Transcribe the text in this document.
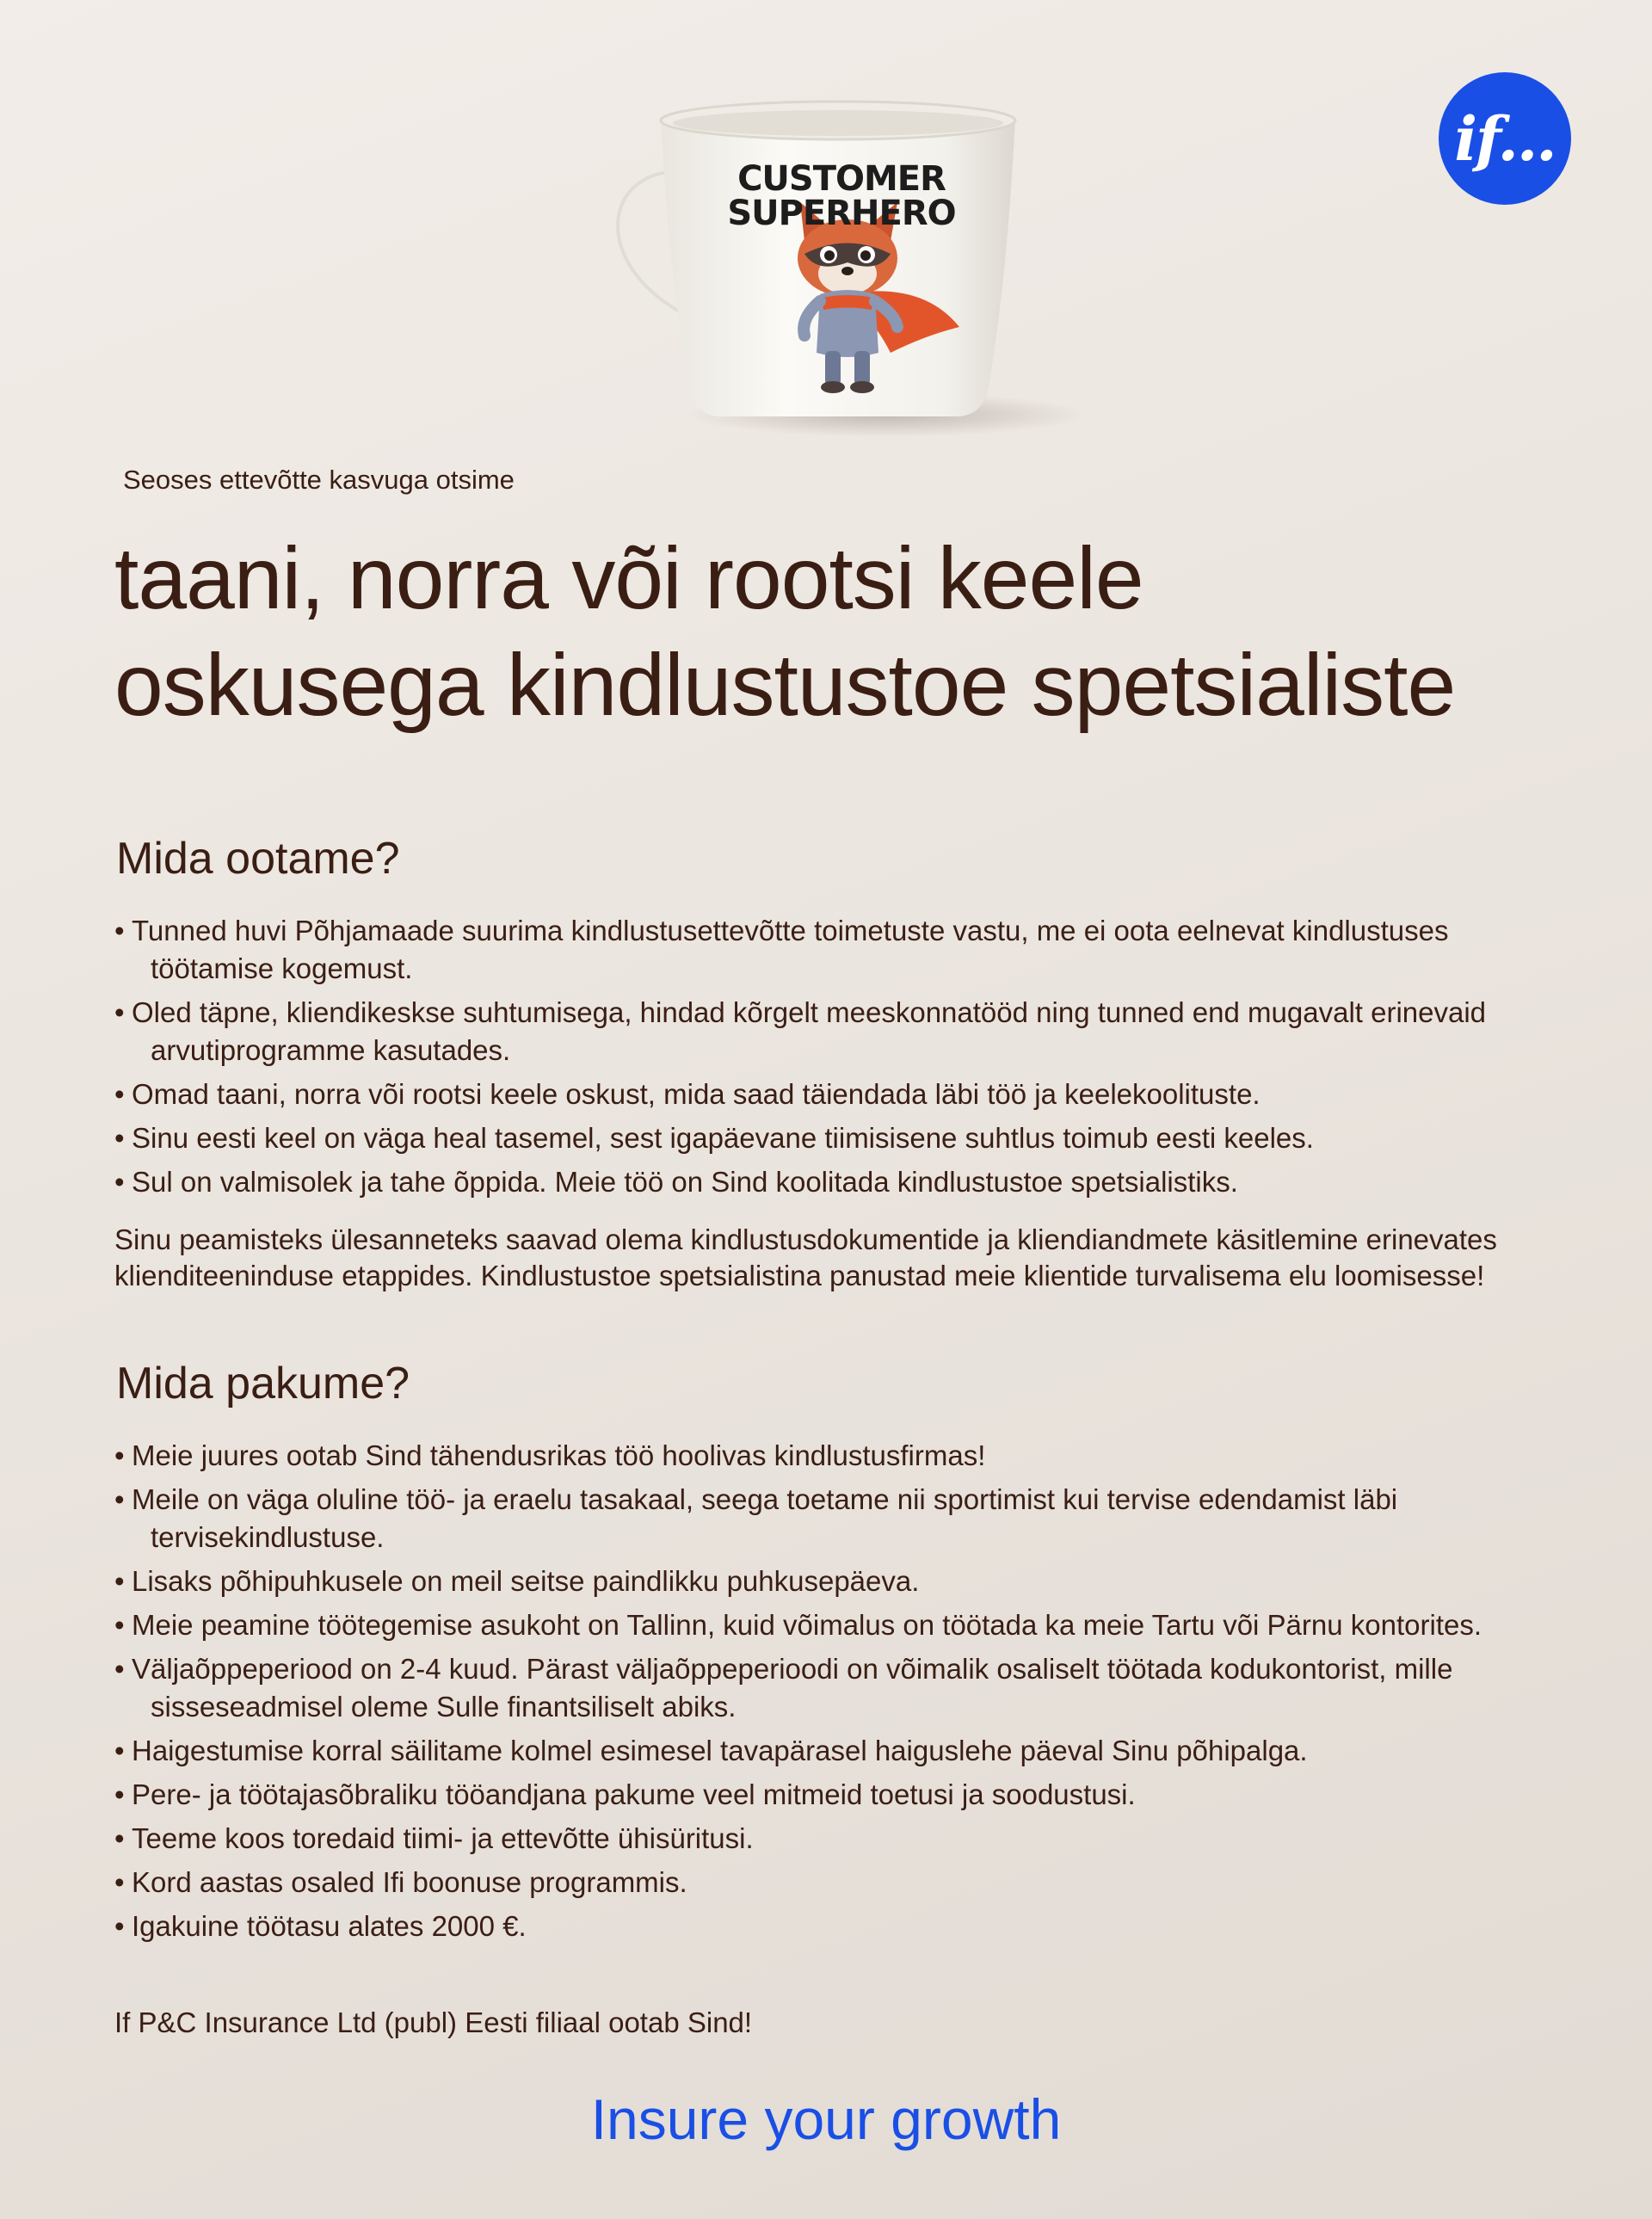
CUSTOMER
SUPERHERO
if...
Seoses ettevõtte kasvuga otsime
taani, norra või rootsi keele
oskusega kindlustustoe spetsialiste
Mida ootame?
• Tunned huvi Põhjamaade suurima kindlustusettevõtte toimetuste vastu, me ei oota eelnevat kindlustuses töötamise kogemust.
• Oled täpne, kliendikeskse suhtumisega, hindad kõrgelt meeskonnatööd ning tunned end mugavalt erinevaid arvutiprogramme kasutades.
• Omad taani, norra või rootsi keele oskust, mida saad täiendada läbi töö ja keelekoolituste.
• Sinu eesti keel on väga heal tasemel, sest igapäevane tiimisisene suhtlus toimub eesti keeles.
• Sul on valmisolek ja tahe õppida. Meie töö on Sind koolitada kindlustustoe spetsialistiks.

Sinu peamisteks ülesanneteks saavad olema kindlustusdokumentide ja kliendiandmete käsitlemine erinevates klienditeeninduse etappides. Kindlustustoe spetsialistina panustad meie klientide turvalisema elu loomisesse!

Mida pakume?
• Meie juures ootab Sind tähendusrikas töö hoolivas kindlustusfirmas!
• Meile on väga oluline töö- ja eraelu tasakaal, seega toetame nii sportimist kui tervise edendamist läbi tervisekindlustuse.
• Lisaks põhipuhkusele on meil seitse paindlikku puhkusepäeva.
• Meie peamine töötegemise asukoht on Tallinn, kuid võimalus on töötada ka meie Tartu või Pärnu kontorites.
• Väljaõppeperiood on 2-4 kuud. Pärast väljaõppeperioodi on võimalik osaliselt töötada kodukontorist, mille sisseseadmisel oleme Sulle finantsiliselt abiks.
• Haigestumise korral säilitame kolmel esimesel tavapärasel haiguslehe päeval Sinu põhipalga.
• Pere- ja töötajasõbraliku tööandjana pakume veel mitmeid toetusi ja soodustusi.
• Teeme koos toredaid tiimi- ja ettevõtte ühisüritusi.
• Kord aastas osaled Ifi boonuse programmis.
• Igakuine töötasu alates 2000 €.

If P&C Insurance Ltd (publ) Eesti filiaal ootab Sind!

Insure your growth
